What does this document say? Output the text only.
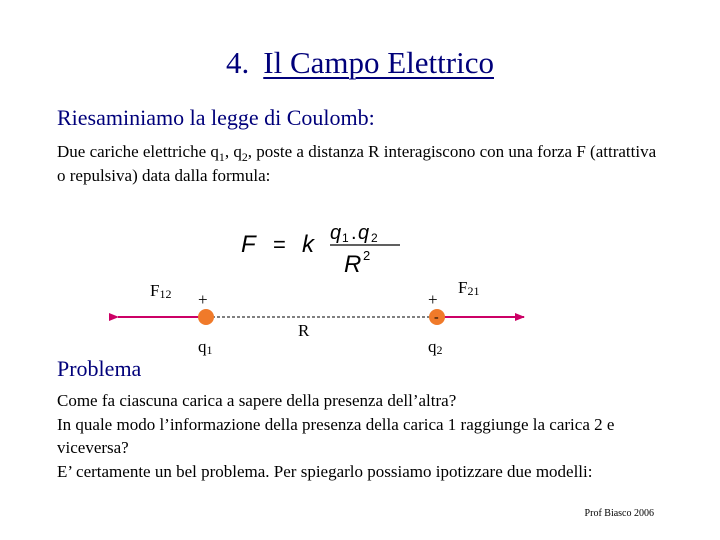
4. Il Campo Elettrico
Riesaminiamo la legge di Coulomb:
Due cariche elettriche $q_1$, $q_2$, poste a distanza R interagiscono con una forza F (attrattiva o repulsiva) data dalla formula:
F = k q 1 . q 2
R 2
F12	F21
+	+
-
R
q1	q2
Problema
Come fa ciascuna carica a sapere della presenza dell’altra?
In quale modo l’informazione della presenza della carica 1 raggiunge la carica 2 e viceversa?
E’ certamente un bel problema. Per spiegarlo possiamo ipotizzare due modelli:
Prof Biasco 2006
